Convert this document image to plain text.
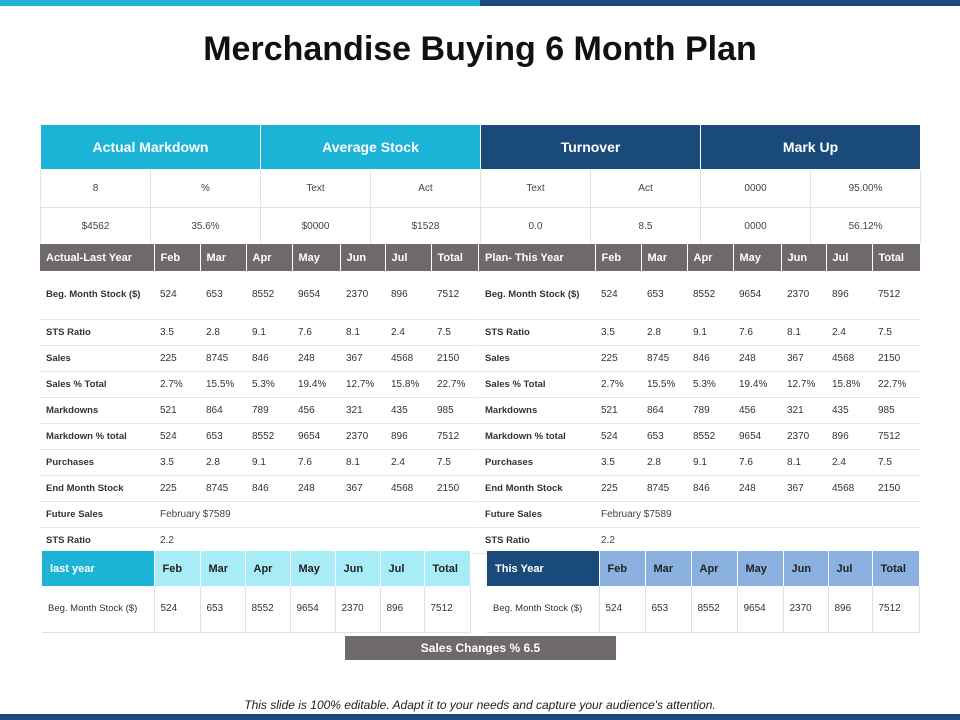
Merchandise Buying 6 Month Plan
Actual Markdown		Average Stock		Turnover		Mark Up	
8	%	Text	Act	Text	Act	0000	95.00%
$4562	35.6%	$0000	$1528	0.0	8.5	0000	56.12%
Actual-Last Year	Feb	Mar	Apr	May	Jun	Jul	Total
Beg. Month Stock ($)	524	653	8552	9654	2370	896	7512
STS Ratio	3.5	2.8	9.1	7.6	8.1	2.4	7.5
Sales	225	8745	846	248	367	4568	2150
Sales % Total	2.7%	15.5%	5.3%	19.4%	12.7%	15.8%	22.7%
Markdowns	521	864	789	456	321	435	985
Markdown % total	524	653	8552	9654	2370	896	7512
Purchases	3.5	2.8	9.1	7.6	8.1	2.4	7.5
End Month Stock	225	8745	846	248	367	4568	2150
Future Sales	February $7589						
STS Ratio	2.2						
Plan- This Year	Feb	Mar	Apr	May	Jun	Jul	Total
Beg. Month Stock ($)	524	653	8552	9654	2370	896	7512
STS Ratio	3.5	2.8	9.1	7.6	8.1	2.4	7.5
Sales	225	8745	846	248	367	4568	2150
Sales % Total	2.7%	15.5%	5.3%	19.4%	12.7%	15.8%	22.7%
Markdowns	521	864	789	456	321	435	985
Markdown % total	524	653	8552	9654	2370	896	7512
Purchases	3.5	2.8	9.1	7.6	8.1	2.4	7.5
End Month Stock	225	8745	846	248	367	4568	2150
Future Sales	February $7589						
STS Ratio	2.2						
last year	Feb	Mar	Apr	May	Jun	Jul	Total
Beg. Month Stock ($)	524	653	8552	9654	2370	896	7512
This Year	Feb	Mar	Apr	May	Jun	Jul	Total
Beg. Month Stock ($)	524	653	8552	9654	2370	896	7512
Sales Changes % 6.5
This slide is 100% editable. Adapt it to your needs and capture your audience's attention.
